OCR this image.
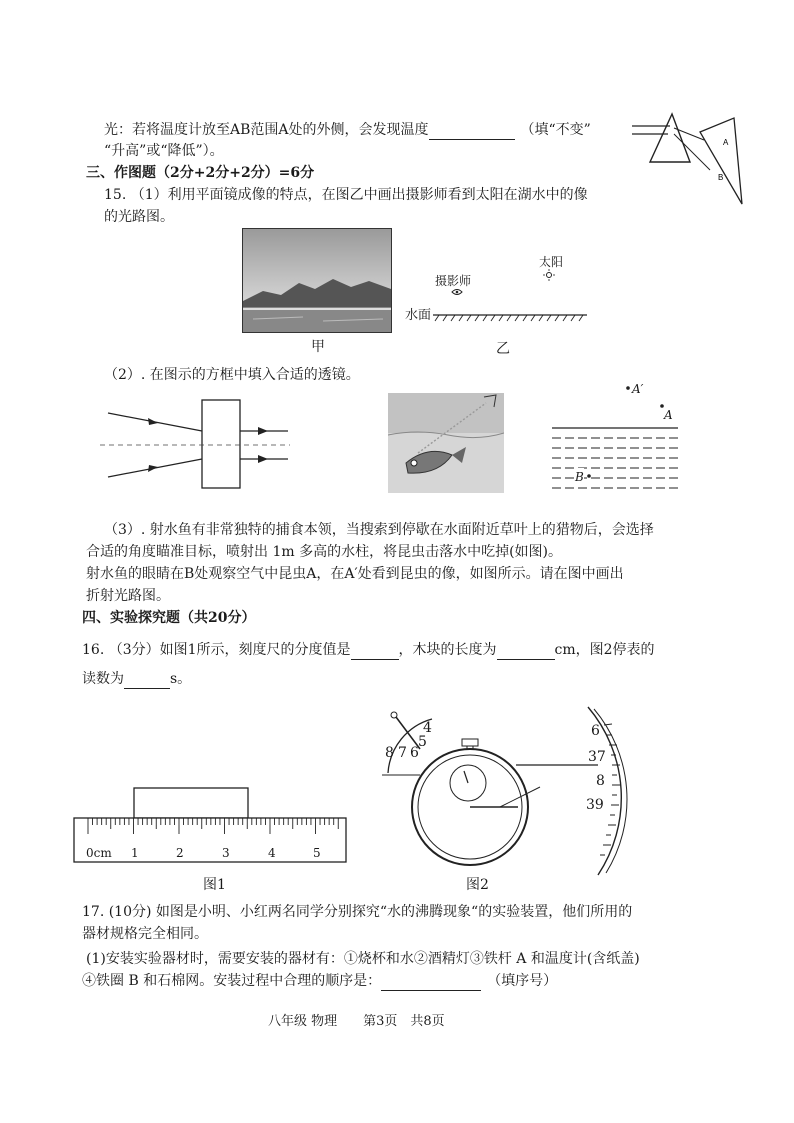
光：若将温度计放至AB范围A处的外侧，会发现温度	（填“不变”
“升高”或“降低”）。
A
B
三、作图题（2分+2分+2分）=6分
15. （1）利用平面镜成像的特点，在图乙中画出摄影师看到太阳在湖水中的像
的光路图。
甲
摄影师
太阳
水面
乙
（2）. 在图示的方框中填入合适的透镜。
A′
A
B
（3）. 射水鱼有非常独特的捕食本领，当搜索到停歇在水面附近草叶上的猎物后，会选择
合适的角度瞄准目标，喷射出 1m 多高的水柱，将昆虫击落水中吃掉(如图)。
射水鱼的眼睛在B处观察空气中昆虫A，在A′处看到昆虫的像，如图所示。请在图中画出
折射光路图。
四、实验探究题（共20分）
16. （3分）如图1所示，刻度尺的分度值是	，木块的长度为	cm，图2停表的
读数为	s。
0cm 1	2	3	4	5
图1
8 7 6
5
4	6
37
8
39
图2
17. (10分) 如图是小明、小红两名同学分别探究“水的沸腾现象“的实验装置，他们所用的
器材规格完全相同。
(1)安装实验器材时，需要安装的器材有：①烧杯和水②酒精灯③铁杆 A 和温度计(含纸盖)
④铁圈 B 和石棉网。安装过程中合理的顺序是：	（填序号）
八年级 物理　　第3页　共8页
